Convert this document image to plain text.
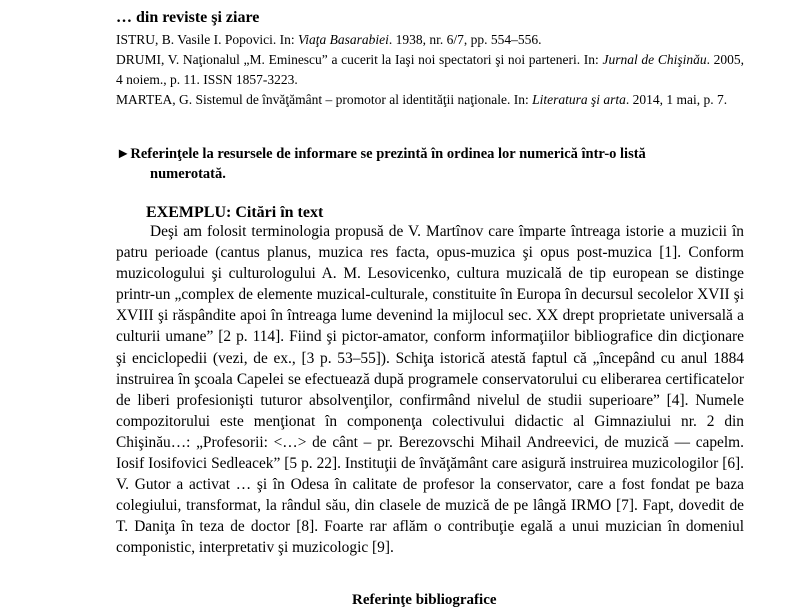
… din reviste şi ziare

ISTRU, B. Vasile I. Popovici. In: Viaţa Basarabiei. 1938, nr. 6/7, pp. 554–556.

DRUMI, V. Naţionalul „M. Eminescu” a cucerit la Iaşi noi spectatori şi noi parteneri. In: Jurnal de Chişinău. 2005, 4 noiem., p. 11. ISSN 1857-3223.

MARTEA, G. Sistemul de învăţământ – promotor al identităţii naţionale. In: Literatura şi arta. 2014, 1 mai, p. 7.

►Referinţele la resursele de informare se prezintă în ordinea lor numerică într-o listă
numerotată.

EXEMPLU: Citări în text

Deşi am folosit terminologia propusă de V. Martînov care împarte întreaga istorie a muzicii în patru perioade (cantus planus, muzica res facta, opus-muzica şi opus post-muzica [1]. Conform muzicologului şi culturologului A. M. Lesovicenko, cultura muzicală de tip european se distinge printr-un „complex de elemente muzical-culturale, constituite în Europa în decursul secolelor XVII şi XVIII şi răspândite apoi în întreaga lume devenind la mijlocul sec. XX drept proprietate universală a culturii umane” [2 p. 114]. Fiind şi pictor-amator, conform informaţiilor bibliografice din dicţionare şi enciclopedii (vezi, de ex., [3 p. 53–55]). Schiţa istorică atestă faptul că „începând cu anul 1884 instruirea în şcoala Capelei se efectuează după programele conservatorului cu eliberarea certificatelor de liberi profesionişti tuturor absolvenţilor, confirmând nivelul de studii superioare” [4]. Numele compozitorului este menţionat în componenţa colectivului didactic al Gimnaziului nr. 2 din Chişinău…: „Profesorii: <…> de cânt – pr. Berezovschi Mihail Andreevici, de muzică — capelm. Iosif Iosifovici Sedleacek” [5 p. 22]. Instituţii de învăţământ care asigură instruirea muzicologilor [6]. V. Gutor a activat … şi în Odesa în calitate de profesor la conservator, care a fost fondat pe baza colegiului, transformat, la rândul său, din clasele de muzică de pe lângă IRMO [7]. Fapt, dovedit de T. Daniţa în teza de doctor [8]. Foarte rar aflăm o contribuţie egală a unui muzician în domeniul componistic, interpretativ şi muzicologic [9].

Referinţe bibliografice
